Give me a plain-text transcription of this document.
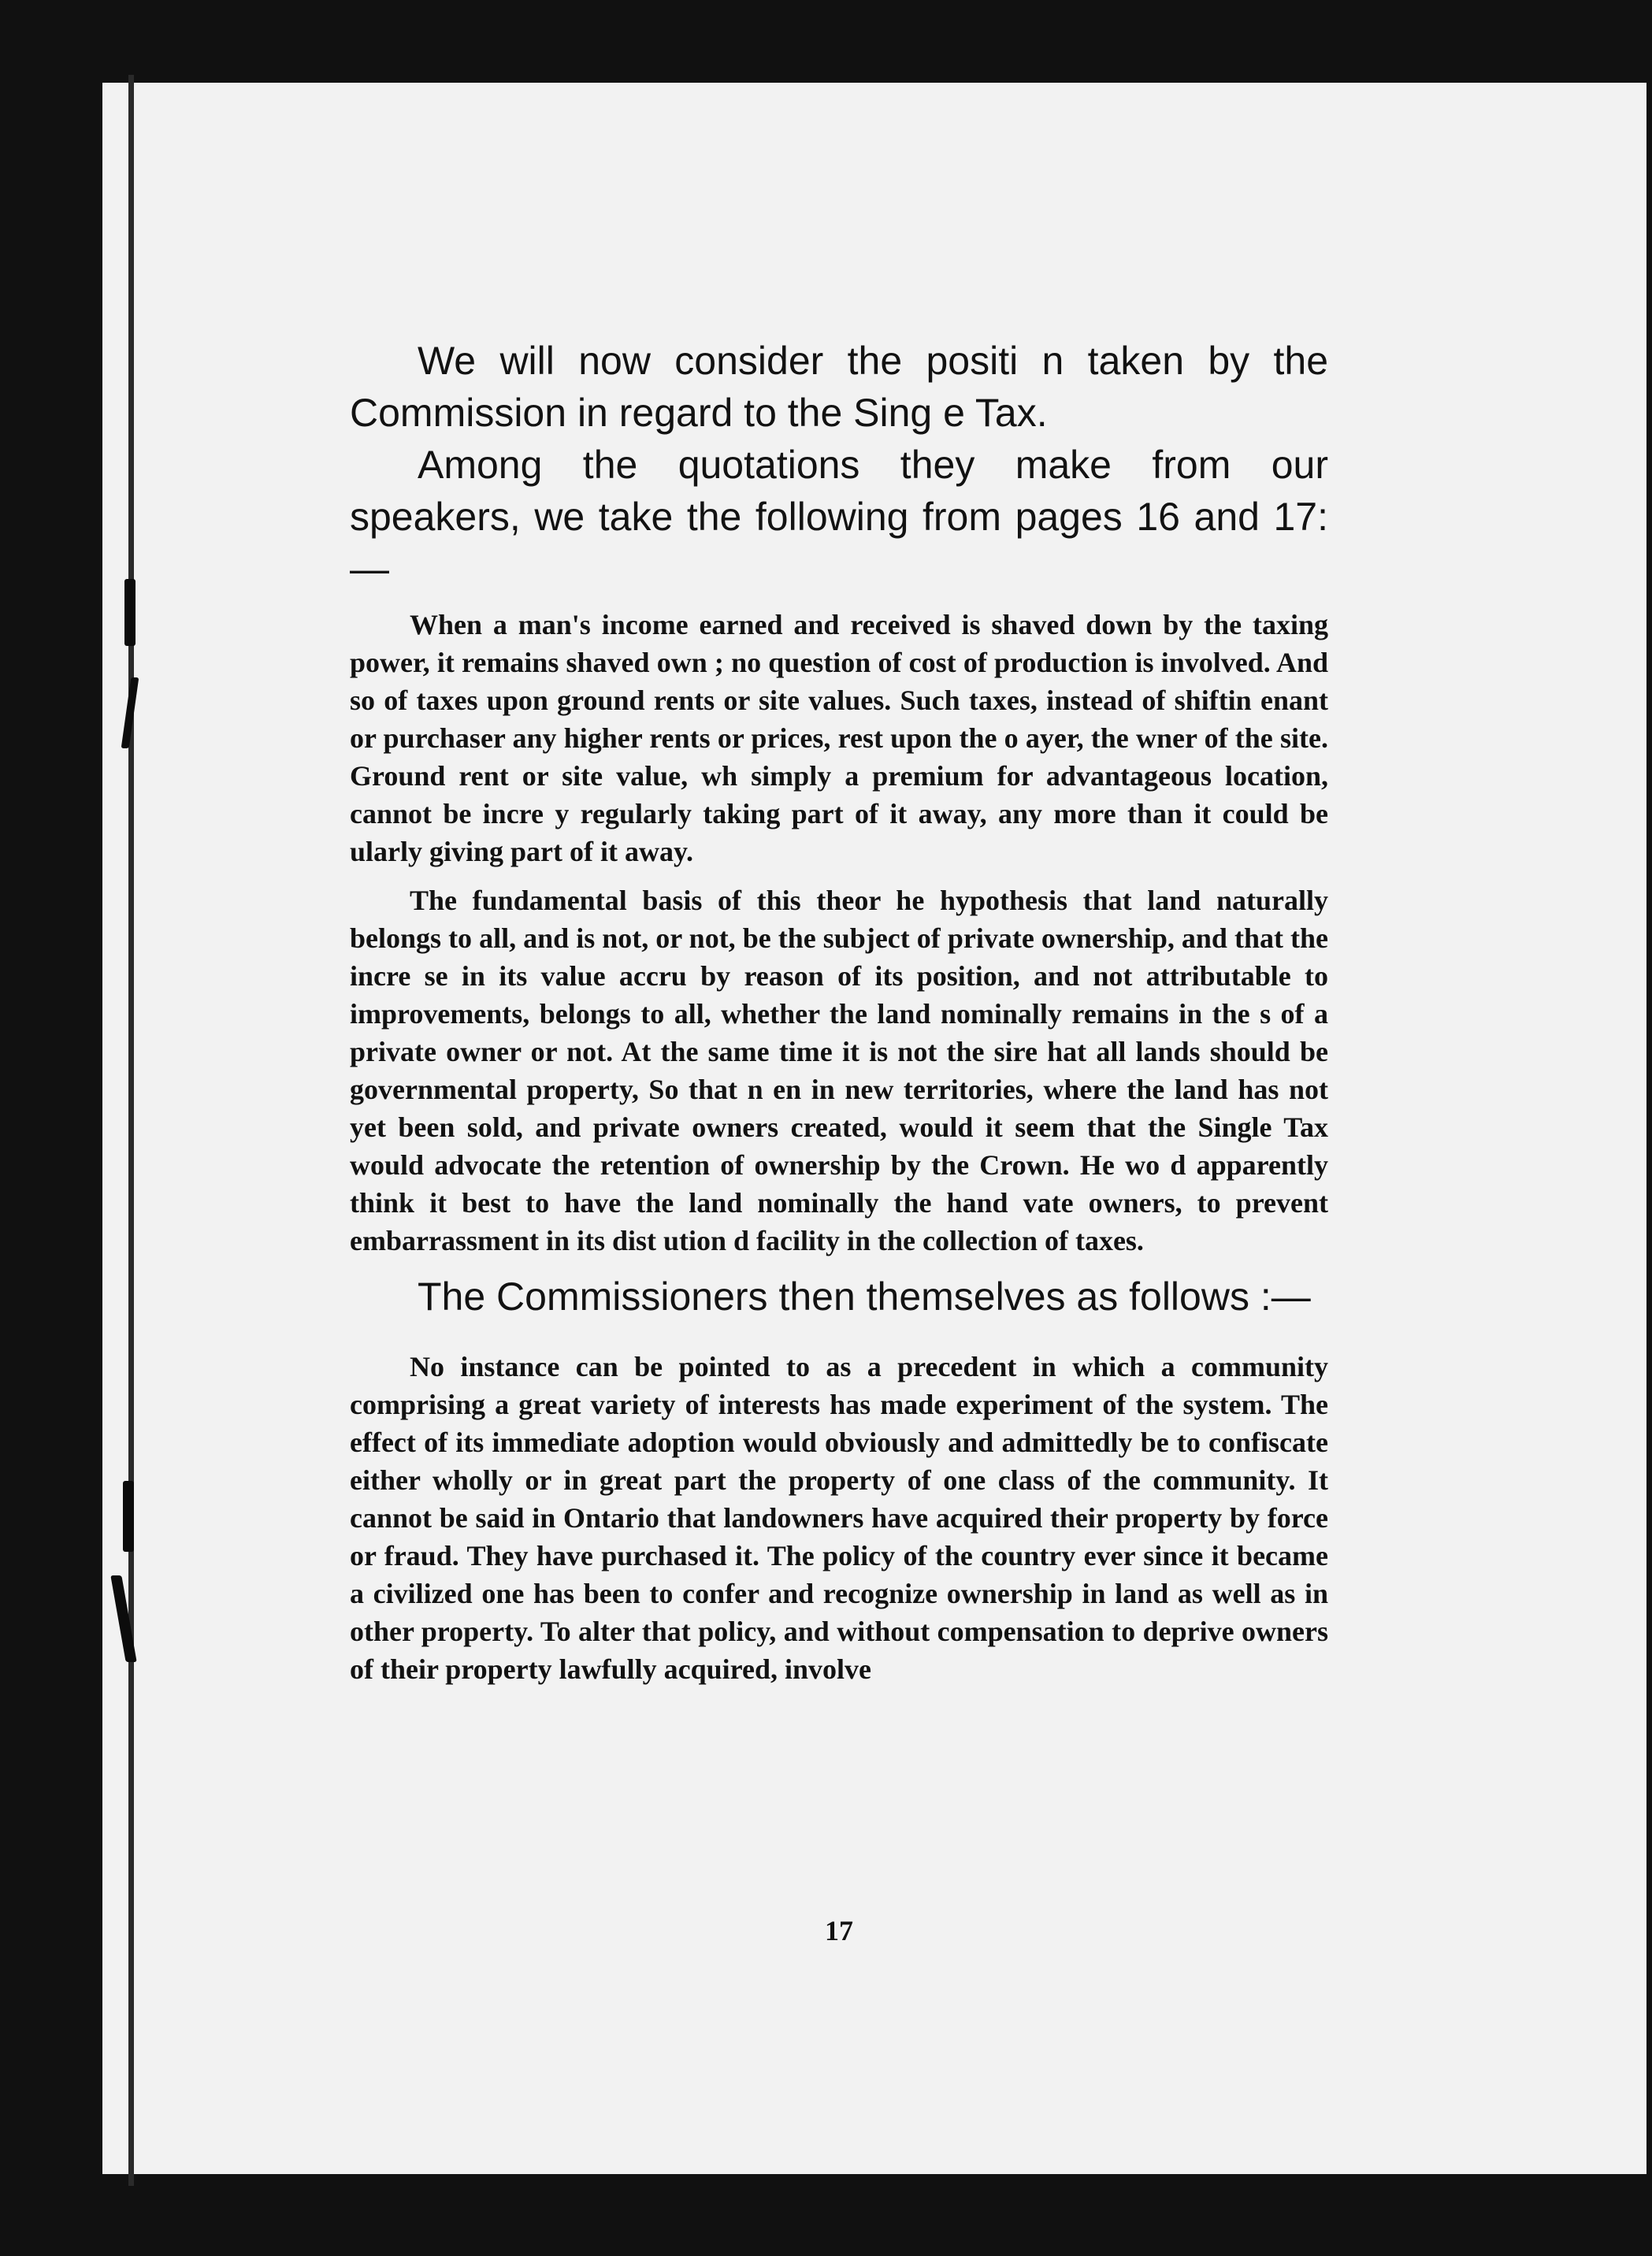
We will now consider the positi n taken by the Commission in regard to the Sing e Tax.

Among the quotations they make from our speakers, we take the following from pages 16 and 17:—

When a man's income earned and received is shaved down by the taxing power, it remains shaved own ; no question of cost of production is involved. And so of taxes upon ground rents or site values. Such taxes, instead of shiftin enant or purchaser any higher rents or prices, rest upon the o ayer, the wner of the site. Ground rent or site value, wh simply a premium for advantageous location, cannot be incre y regularly taking part of it away, any more than it could be ularly giving part of it away.

The fundamental basis of this theor he hypothesis that land naturally belongs to all, and is not, or not, be the subject of private ownership, and that the incre se in its value accru by reason of its position, and not attributable to improvements, belongs to all, whether the land nominally remains in the s of a private owner or not. At the same time it is not the sire hat all lands should be governmental property, So that n en in new territories, where the land has not yet been sold, and private owners created, would it seem that the Single Tax would advocate the retention of ownership by the Crown. He wo d apparently think it best to have the land nominally the hand vate owners, to prevent embarrassment in its dist ution d facility in the collection of taxes.

The Commissioners then themselves as follows :—

No instance can be pointed to as a precedent in which a community comprising a great variety of interests has made experiment of the system. The effect of its immediate adoption would obviously and admittedly be to confiscate either wholly or in great part the property of one class of the community. It cannot be said in Ontario that landowners have acquired their property by force or fraud. They have purchased it. The policy of the country ever since it became a civilized one has been to confer and recognize ownership in land as well as in other property. To alter that policy, and without compensation to deprive owners of their property lawfully acquired, involve

17
